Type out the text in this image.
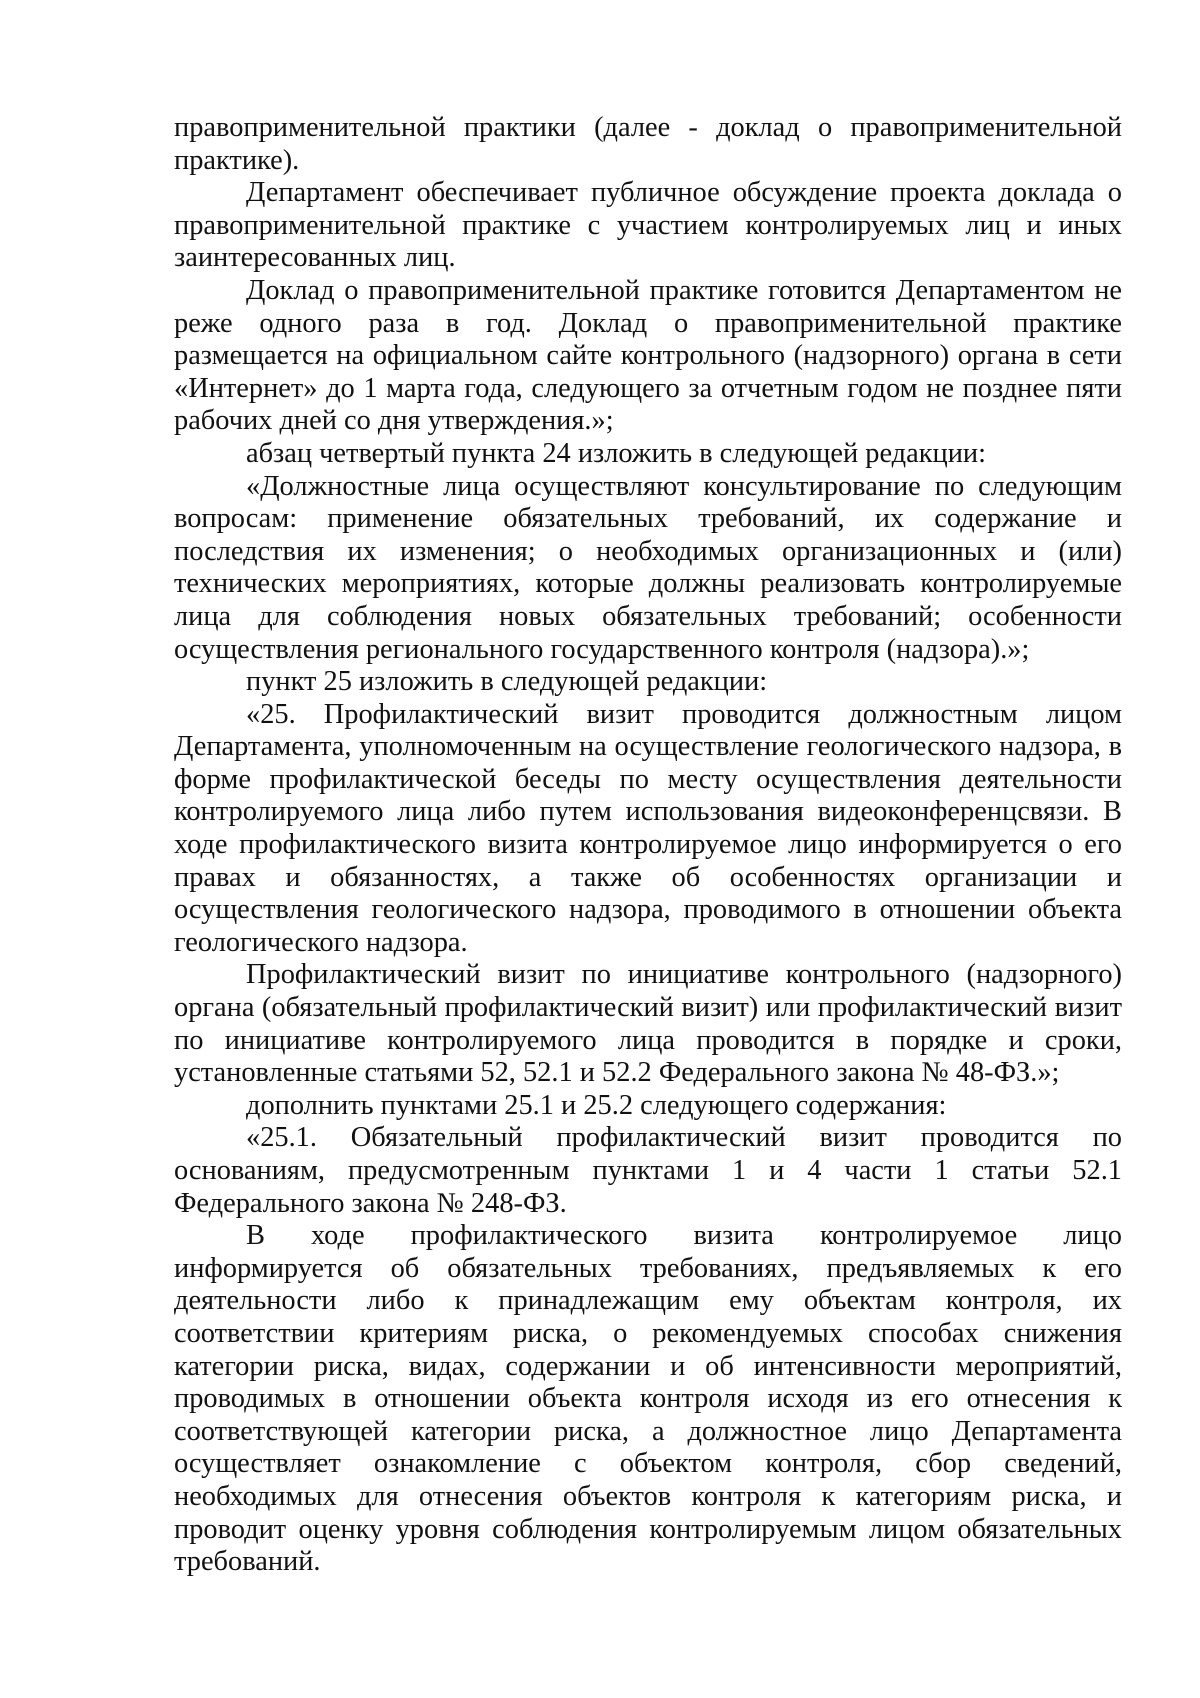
правоприменительной практики (далее - доклад о правоприменительной практике).

Департамент обеспечивает публичное обсуждение проекта доклада о правоприменительной практике с участием контролируемых лиц и иных заинтересованных лиц.

Доклад о правоприменительной практике готовится Департаментом не реже одного раза в год. Доклад о правоприменительной практике размещается на официальном сайте контрольного (надзорного) органа в сети «Интернет» до 1 марта года, следующего за отчетным годом не позднее пяти рабочих дней со дня утверждения.»;

абзац четвертый пункта 24 изложить в следующей редакции:

«Должностные лица осуществляют консультирование по следующим вопросам: применение обязательных требований, их содержание и последствия их изменения; о необходимых организационных и (или) технических мероприятиях, которые должны реализовать контролируемые лица для соблюдения новых обязательных требований; особенности осуществления регионального государственного контроля (надзора).»;

пункт 25 изложить в следующей редакции:

«25. Профилактический визит проводится должностным лицом Департамента, уполномоченным на осуществление геологического надзора, в форме профилактической беседы по месту осуществления деятельности контролируемого лица либо путем использования видеоконференцсвязи. В ходе профилактического визита контролируемое лицо информируется о его правах и обязанностях, а также об особенностях организации и осуществления геологического надзора, проводимого в отношении объекта геологического надзора.

Профилактический визит по инициативе контрольного (надзорного) органа (обязательный профилактический визит) или профилактический визит по инициативе контролируемого лица проводится в порядке и сроки, установленные статьями 52, 52.1 и 52.2 Федерального закона № 48-ФЗ.»;

дополнить пунктами 25.1 и 25.2 следующего содержания:

«25.1. Обязательный профилактический визит проводится по основаниям, предусмотренным пунктами 1 и 4 части 1 статьи 52.1 Федерального закона № 248-ФЗ.

В ходе профилактического визита контролируемое лицо информируется об обязательных требованиях, предъявляемых к его деятельности либо к принадлежащим ему объектам контроля, их соответствии критериям риска, о рекомендуемых способах снижения категории риска, видах, содержании и об интенсивности мероприятий, проводимых в отношении объекта контроля исходя из его отнесения к соответствующей категории риска, а должностное лицо Департамента осуществляет ознакомление с объектом контроля, сбор сведений, необходимых для отнесения объектов контроля к категориям риска, и проводит оценку уровня соблюдения контролируемым лицом обязательных требований.
